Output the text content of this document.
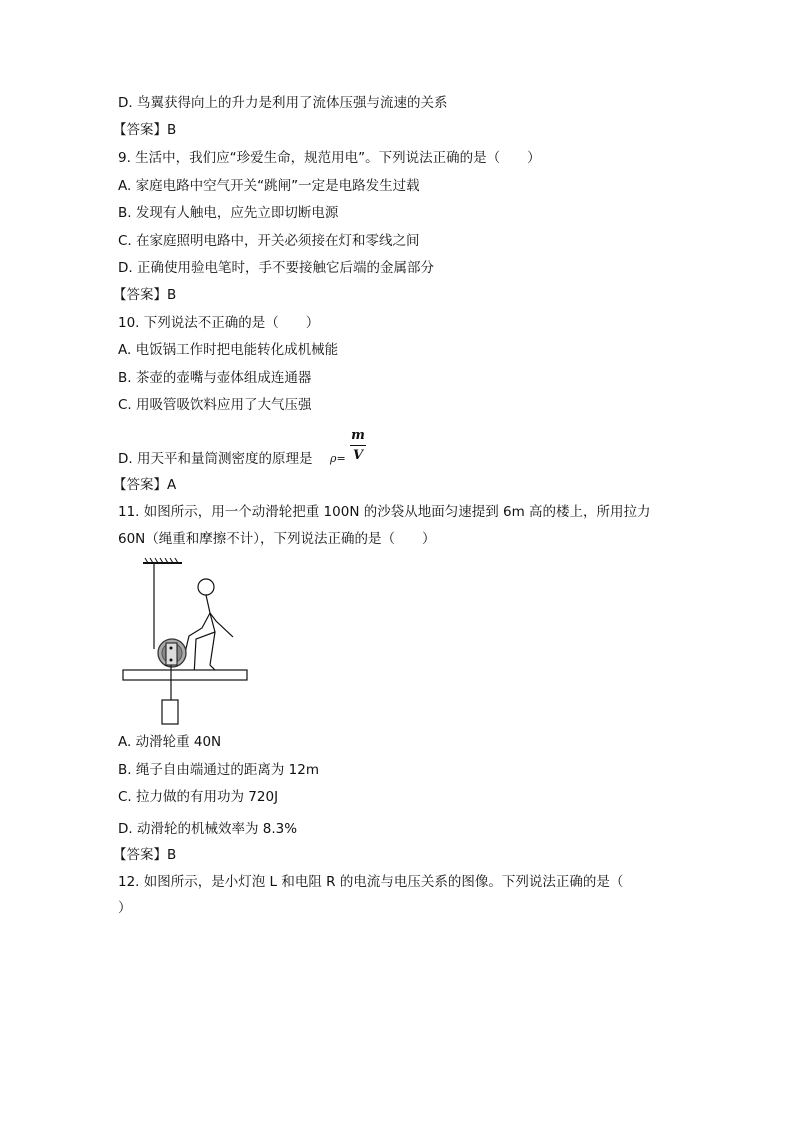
D. 鸟翼获得向上的升力是利用了流体压强与流速的关系
【答案】B
9. 生活中，我们应“珍爱生命，规范用电”。下列说法正确的是（　　）
A. 家庭电路中空气开关“跳闸”一定是电路发生过载
B. 发现有人触电，应先立即切断电源
C. 在家庭照明电路中，开关必须接在灯和零线之间
D. 正确使用验电笔时，手不要接触它后端的金属部分
【答案】B
10. 下列说法不正确的是（　　）
A. 电饭锅工作时把电能转化成机械能
B. 茶壶的壶嘴与壶体组成连通器
C. 用吸管吸饮料应用了大气压强
D. 用天平和量筒测密度的原理是 ρ=
m
V
【答案】A
11. 如图所示，用一个动滑轮把重 100N 的沙袋从地面匀速提到 6m 高的楼上，所用拉力
60N（绳重和摩擦不计），下列说法正确的是（　　）
A. 动滑轮重 40N
B. 绳子自由端通过的距离为 12m
C. 拉力做的有用功为 720J
D. 动滑轮的机械效率为 8.3%
【答案】B
12. 如图所示，是小灯泡 L 和电阻 R 的电流与电压关系的图像。下列说法正确的是（
）
